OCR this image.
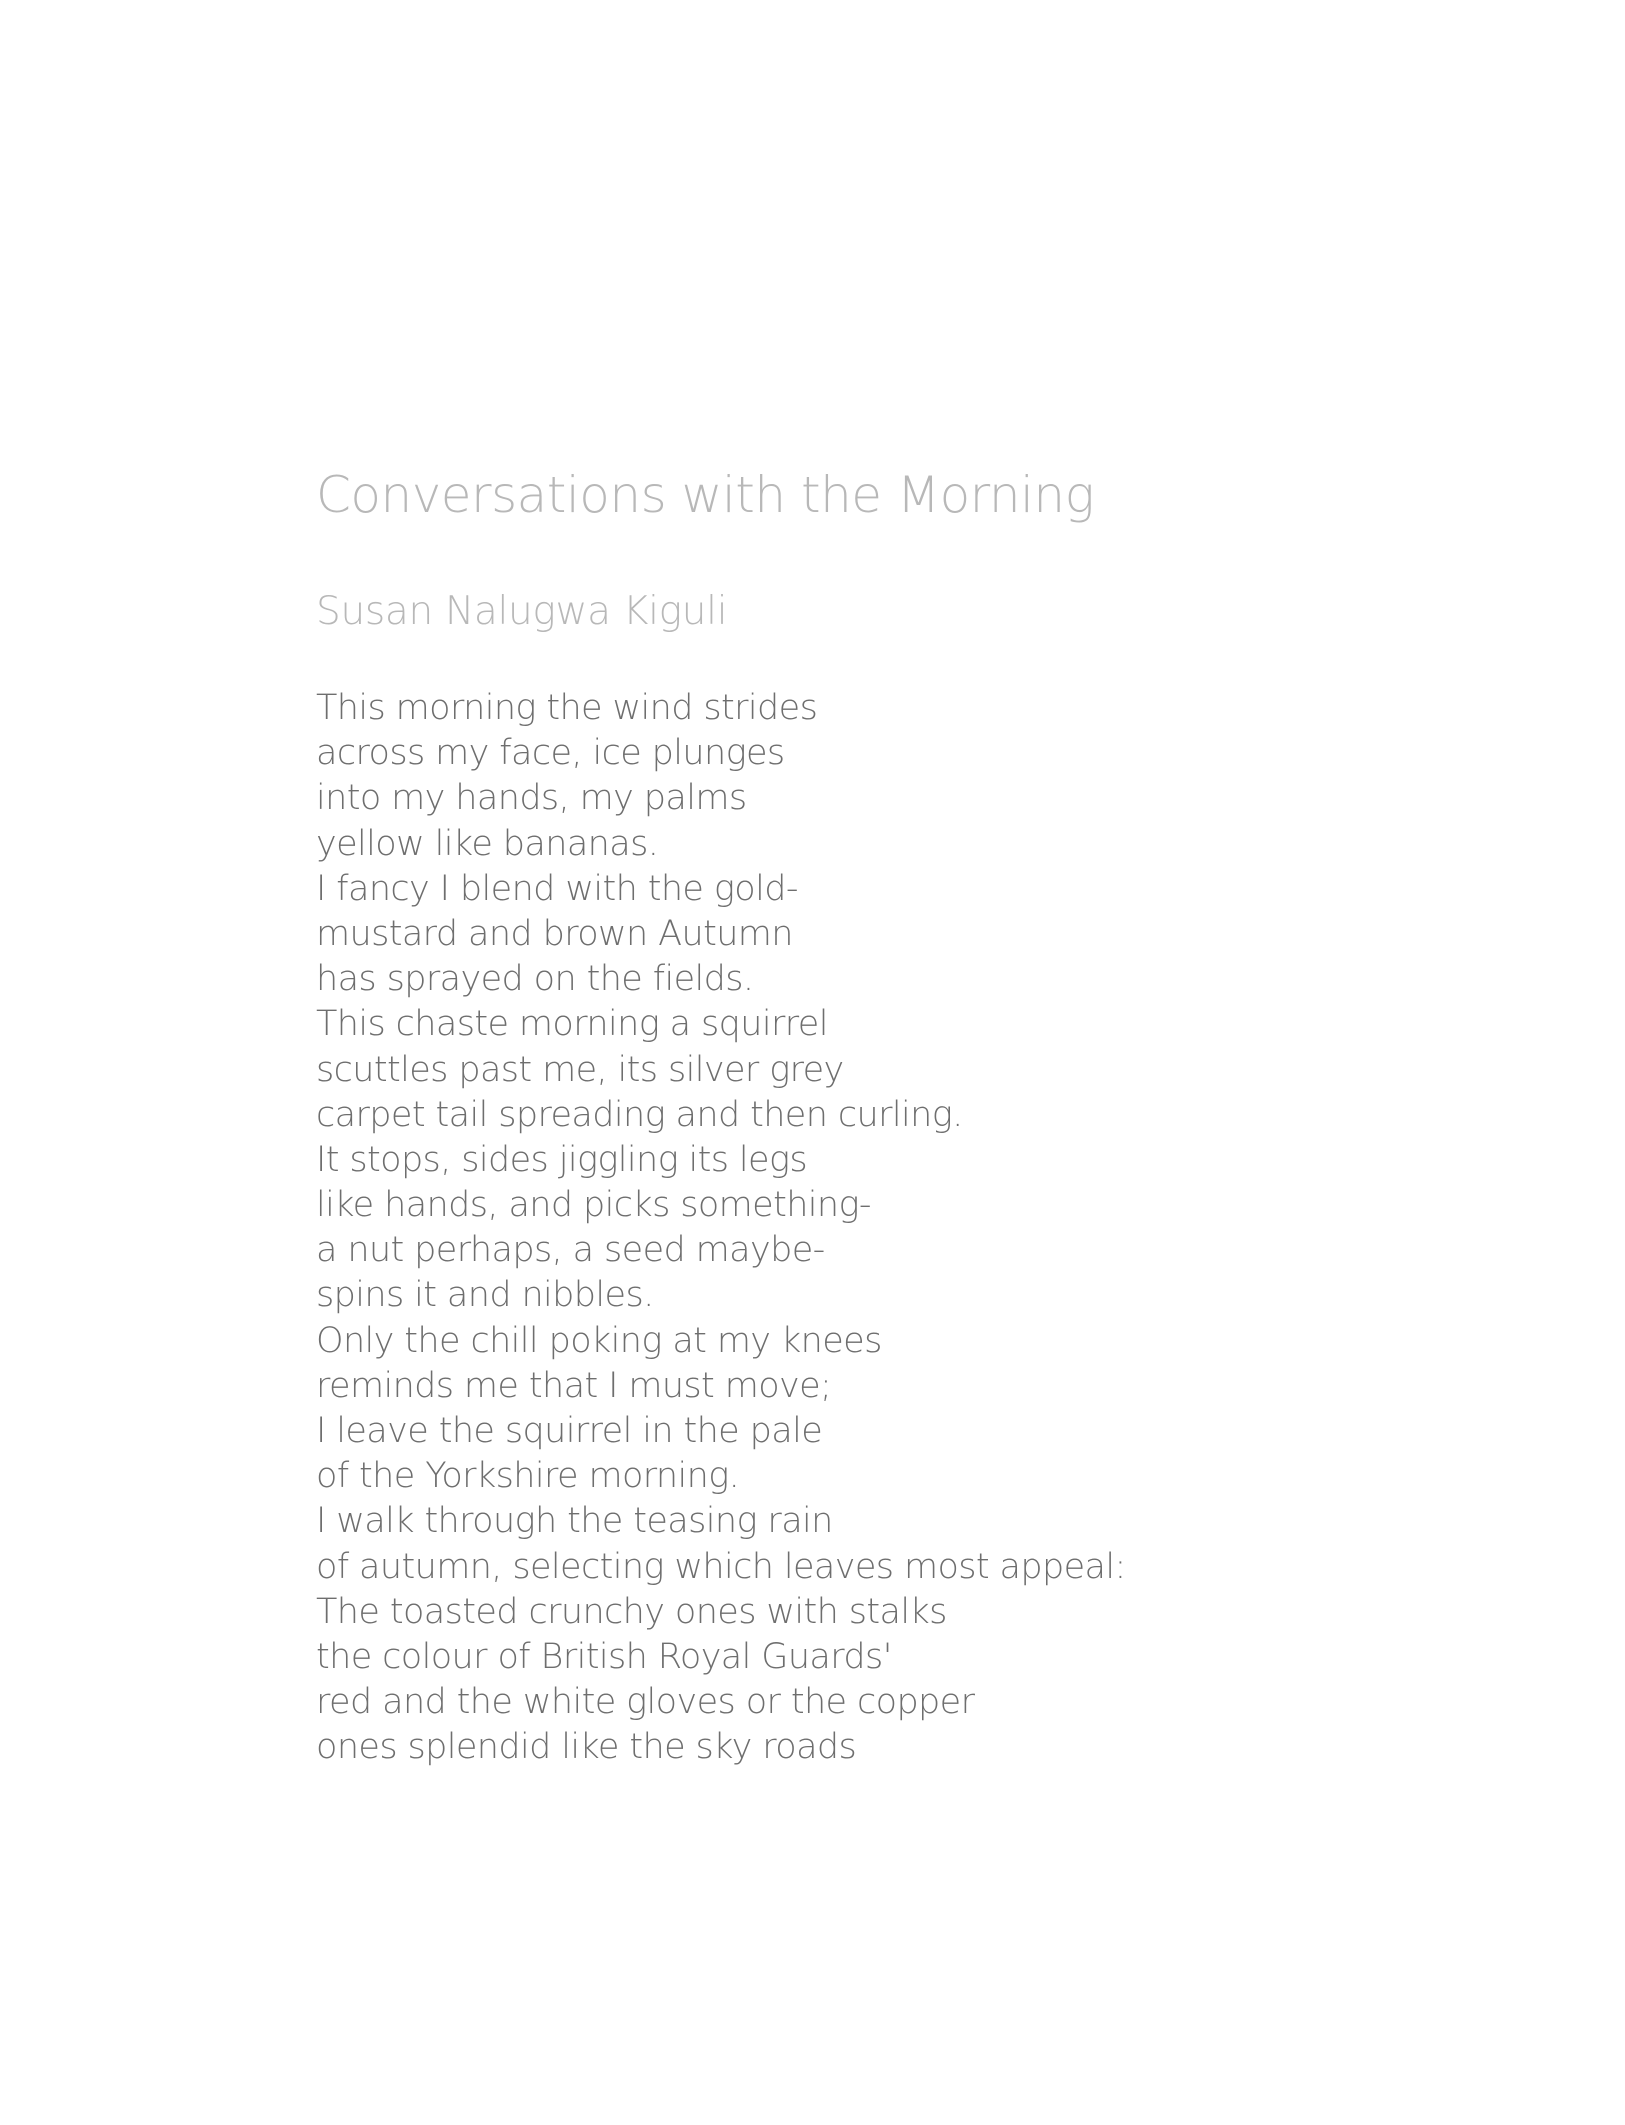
Conversations with the Morning
Susan Nalugwa Kiguli
This morning the wind strides
across my face, ice plunges
into my hands, my palms
yellow like bananas.
I fancy I blend with the gold-
mustard and brown Autumn
has sprayed on the fields.
This chaste morning a squirrel
scuttles past me, its silver grey
carpet tail spreading and then curling.
It stops, sides jiggling its legs
like hands, and picks something-
a nut perhaps, a seed maybe-
spins it and nibbles.
Only the chill poking at my knees
reminds me that I must move;
I leave the squirrel in the pale
of the Yorkshire morning.
I walk through the teasing rain
of autumn, selecting which leaves most appeal:
The toasted crunchy ones with stalks
the colour of British Royal Guards'
red and the white gloves or the copper
ones splendid like the sky roads
